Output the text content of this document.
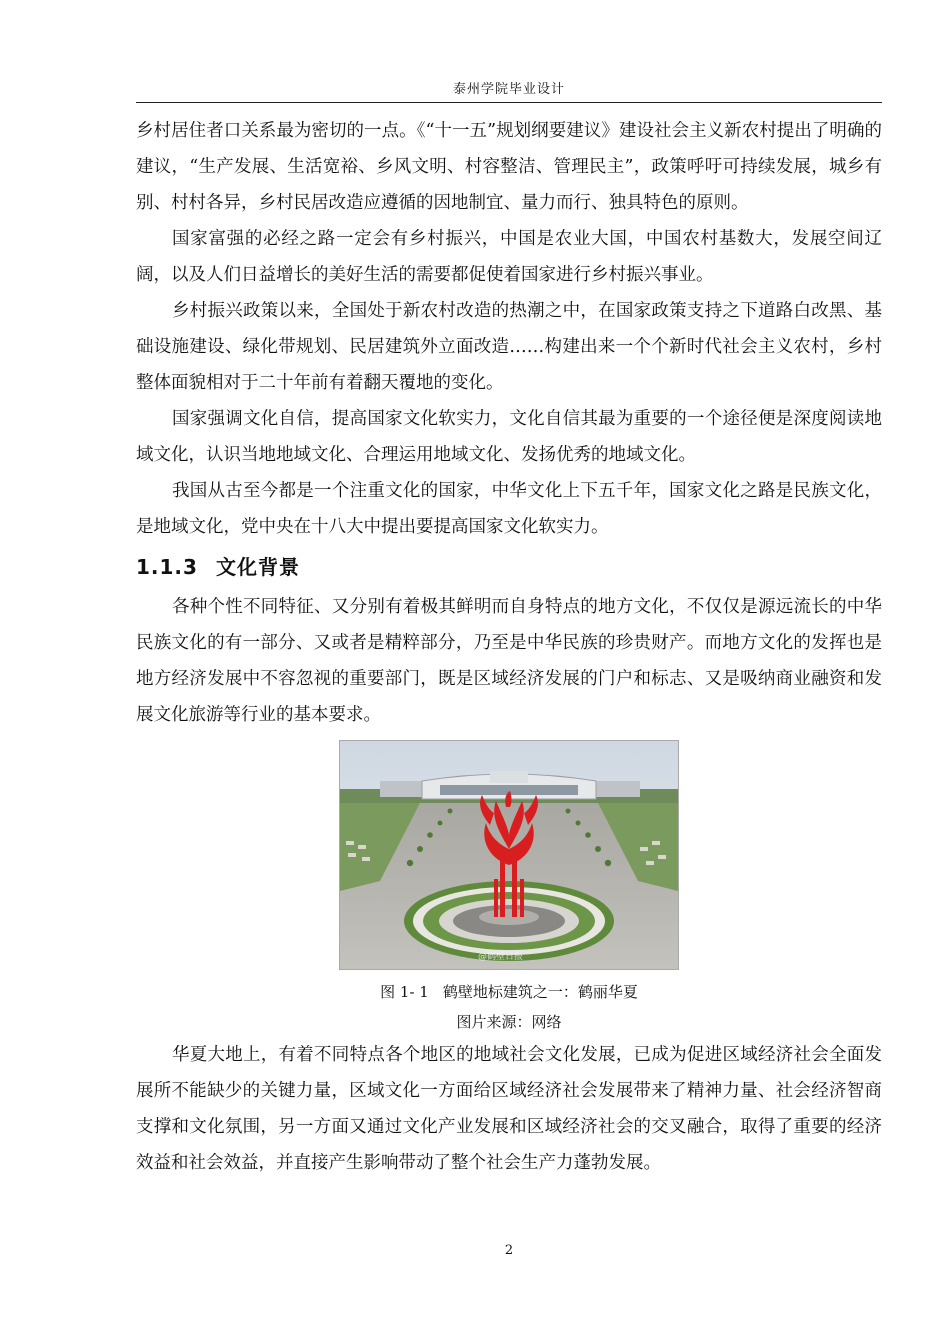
泰州学院毕业设计

乡村居住者口关系最为密切的一点。《“十一五”规划纲要建议》建设社会主义新农村提出了明确的建议，“生产发展、生活宽裕、乡风文明、村容整洁、管理民主”，政策呼吁可持续发展，城乡有别、村村各异，乡村民居改造应遵循的因地制宜、量力而行、独具特色的原则。

国家富强的必经之路一定会有乡村振兴，中国是农业大国，中国农村基数大，发展空间辽阔，以及人们日益增长的美好生活的需要都促使着国家进行乡村振兴事业。

乡村振兴政策以来，全国处于新农村改造的热潮之中，在国家政策支持之下道路白改黑、基础设施建设、绿化带规划、民居建筑外立面改造……构建出来一个个新时代社会主义农村，乡村整体面貌相对于二十年前有着翻天覆地的变化。

国家强调文化自信，提高国家文化软实力，文化自信其最为重要的一个途径便是深度阅读地域文化，认识当地地域文化、合理运用地域文化、发扬优秀的地域文化。

我国从古至今都是一个注重文化的国家，中华文化上下五千年，国家文化之路是民族文化，是地域文化，党中央在十八大中提出要提高国家文化软实力。

1.1.3 文化背景

各种个性不同特征、又分别有着极其鲜明而自身特点的地方文化，不仅仅是源远流长的中华民族文化的有一部分、又或者是精粹部分，乃至是中华民族的珍贵财产。而地方文化的发挥也是地方经济发展中不容忽视的重要部门，既是区域经济发展的门户和标志、又是吸纳商业融资和发展文化旅游等行业的基本要求。

@鹤壁日报

图 1- 1 鹤壁地标建筑之一：鹤丽华夏

图片来源：网络

华夏大地上，有着不同特点各个地区的地域社会文化发展，已成为促进区域经济社会全面发展所不能缺少的关键力量，区域文化一方面给区域经济社会发展带来了精神力量、社会经济智商支撑和文化氛围，另一方面又通过文化产业发展和区域经济社会的交叉融合，取得了重要的经济效益和社会效益，并直接产生影响带动了整个社会生产力蓬勃发展。

2
